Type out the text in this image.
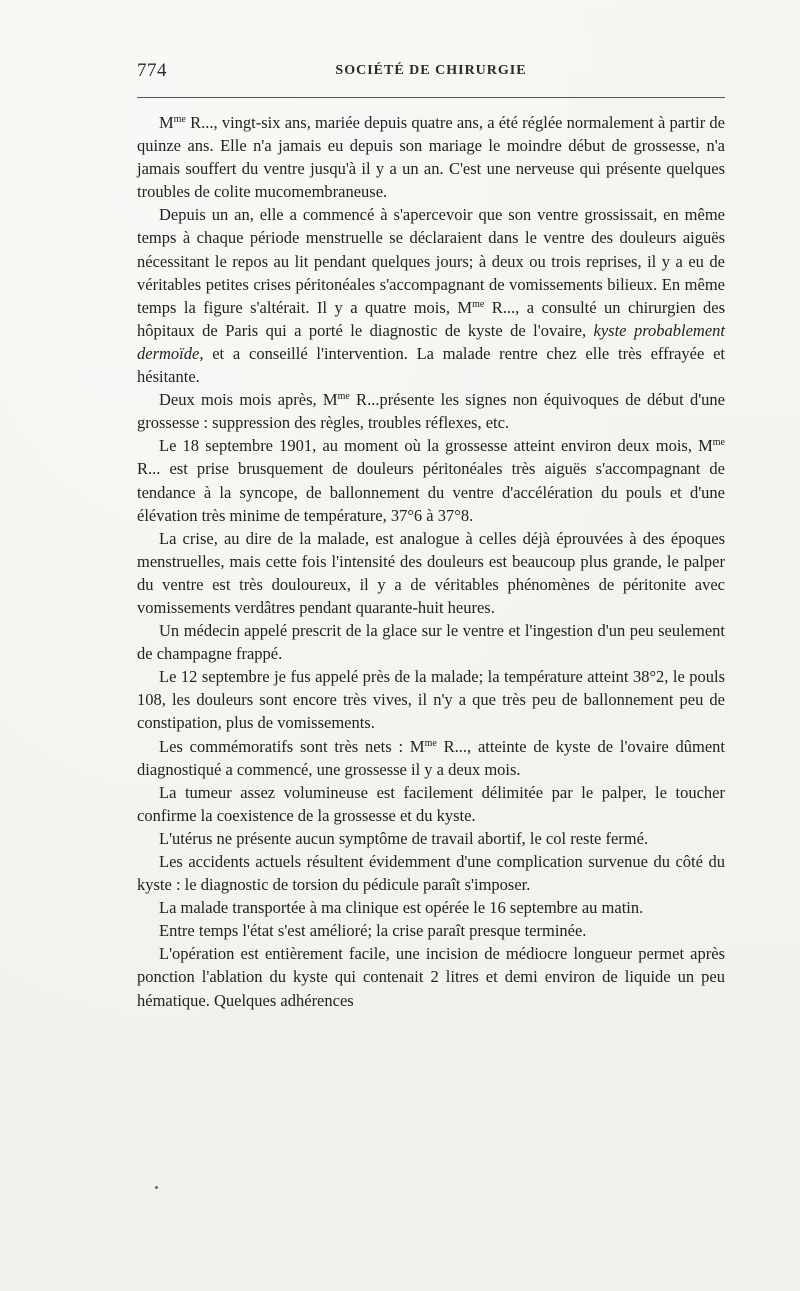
774	SOCIÉTÉ DE CHIRURGIE

$M^{me}$ R..., vingt-six ans, mariée depuis quatre ans, a été réglée normalement à partir de quinze ans. Elle n'a jamais eu depuis son mariage le moindre début de grossesse, n'a jamais souffert du ventre jusqu'à il y a un an. C'est une nerveuse qui présente quelques troubles de colite mucomembraneuse.

Depuis un an, elle a commencé à s'apercevoir que son ventre grossissait, en même temps à chaque période menstruelle se déclaraient dans le ventre des douleurs aiguës nécessitant le repos au lit pendant quelques jours; à deux ou trois reprises, il y a eu de véritables petites crises péritonéales s'accompagnant de vomissements bilieux. En même temps la figure s'altérait. Il y a quatre mois, $M^{me}$ R..., a consulté un chirurgien des hôpitaux de Paris qui a porté le diagnostic de kyste de l'ovaire, kyste probablement dermoïde, et a conseillé l'intervention. La malade rentre chez elle très effrayée et hésitante.

Deux mois mois après, $M^{me}$ R...présente les signes non équivoques de début d'une grossesse : suppression des règles, troubles réflexes, etc.

Le 18 septembre 1901, au moment où la grossesse atteint environ deux mois, $M^{me}$ R... est prise brusquement de douleurs péritonéales très aiguës s'accompagnant de tendance à la syncope, de ballonnement du ventre d'accélération du pouls et d'une élévation très minime de température, 37°6 à 37°8.

La crise, au dire de la malade, est analogue à celles déjà éprouvées à des époques menstruelles, mais cette fois l'intensité des douleurs est beaucoup plus grande, le palper du ventre est très douloureux, il y a de véritables phénomènes de péritonite avec vomissements verdâtres pendant quarante-huit heures.

Un médecin appelé prescrit de la glace sur le ventre et l'ingestion d'un peu seulement de champagne frappé.

Le 12 septembre je fus appelé près de la malade; la température atteint 38°2, le pouls 108, les douleurs sont encore très vives, il n'y a que très peu de ballonnement peu de constipation, plus de vomissements.

Les commémoratifs sont très nets : $M^{me}$ R..., atteinte de kyste de l'ovaire dûment diagnostiqué a commencé, une grossesse il y a deux mois.

La tumeur assez volumineuse est facilement délimitée par le palper, le toucher confirme la coexistence de la grossesse et du kyste.

L'utérus ne présente aucun symptôme de travail abortif, le col reste fermé.

Les accidents actuels résultent évidemment d'une complication survenue du côté du kyste : le diagnostic de torsion du pédicule paraît s'imposer.

La malade transportée à ma clinique est opérée le 16 septembre au matin.

Entre temps l'état s'est amélioré; la crise paraît presque terminée.

L'opération est entièrement facile, une incision de médiocre longueur permet après ponction l'ablation du kyste qui contenait 2 litres et demi environ de liquide un peu hématique. Quelques adhérences
